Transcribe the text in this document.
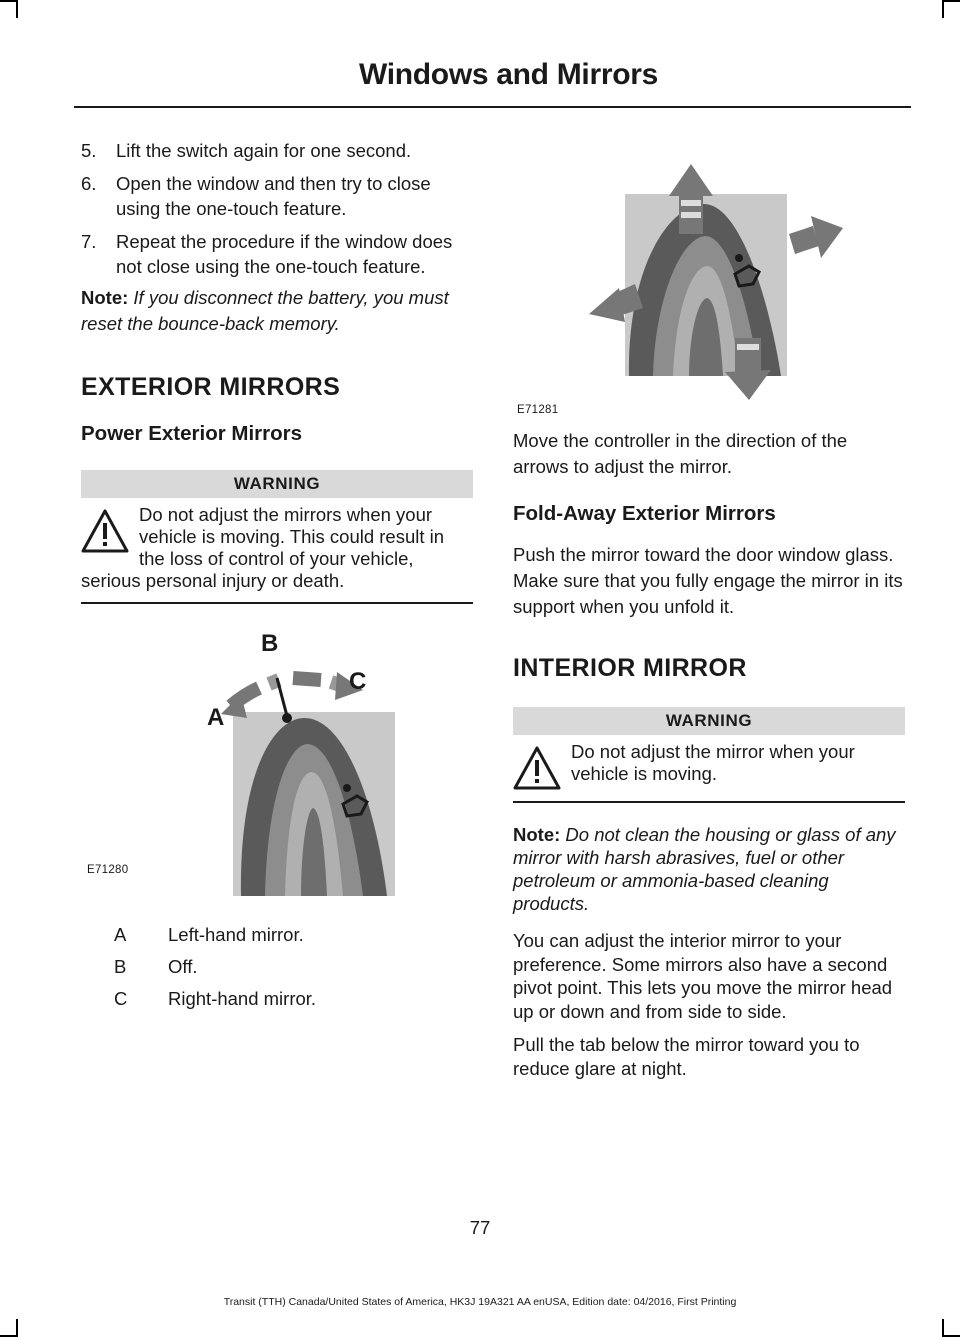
Windows and Mirrors
5.	Lift the switch again for one second.
6.	Open the window and then try to close using the one-touch feature.
7.	Repeat the procedure if the window does not close using the one-touch feature.

Note: If you disconnect the battery, you must reset the bounce-back memory.

EXTERIOR MIRRORS
Power Exterior Mirrors
WARNING
Do not adjust the mirrors when your vehicle is moving. This could result in the loss of control of your vehicle, serious personal injury or death.
A
B
C
E71280
A	Left-hand mirror.
B	Off.
C	Right-hand mirror.
E71281

Move the controller in the direction of the arrows to adjust the mirror.

Fold-Away Exterior Mirrors

Push the mirror toward the door window glass. Make sure that you fully engage the mirror in its support when you unfold it.

INTERIOR MIRROR
WARNING
Do not adjust the mirror when your vehicle is moving.

Note: Do not clean the housing or glass of any mirror with harsh abrasives, fuel or other petroleum or ammonia-based cleaning products.

You can adjust the interior mirror to your preference. Some mirrors also have a second pivot point. This lets you move the mirror head up or down and from side to side.

Pull the tab below the mirror toward you to reduce glare at night.

77
Transit (TTH) Canada/United States of America, HK3J 19A321 AA enUSA, Edition date: 04/2016, First Printing
